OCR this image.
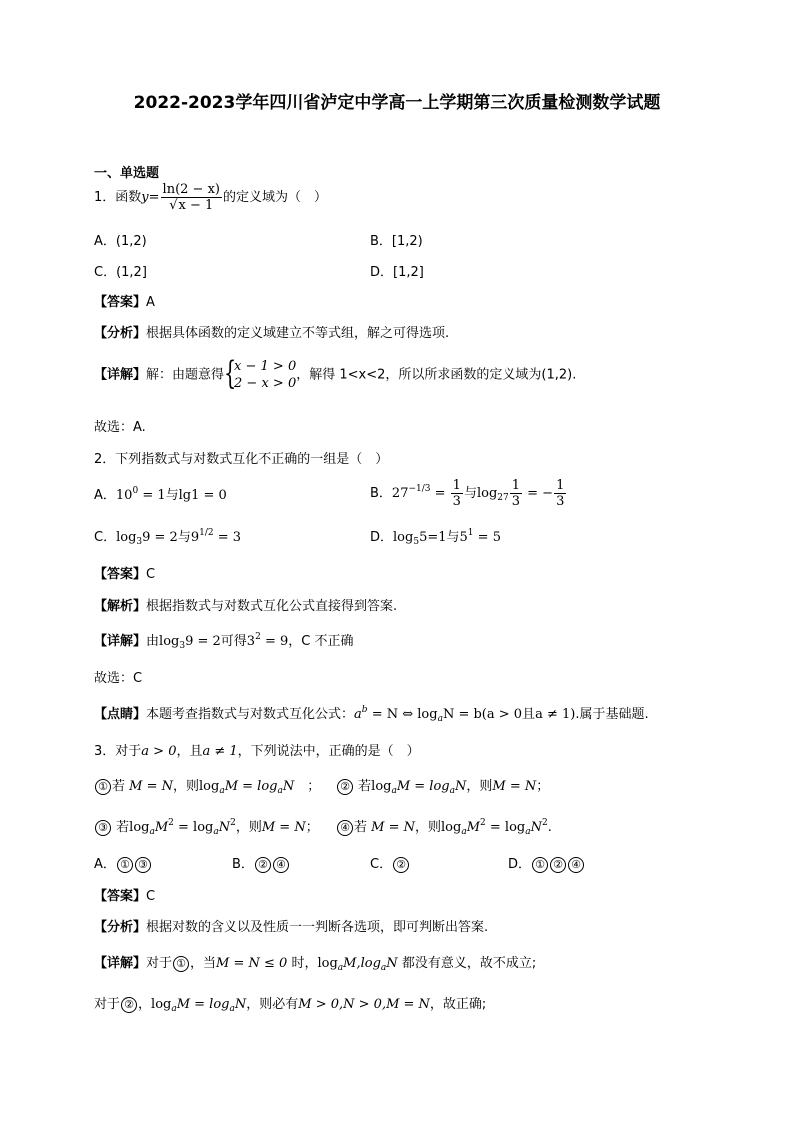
2022-2023学年四川省泸定中学高一上学期第三次质量检测数学试题
一、单选题
1．函数$y= \frac{\ln(2 - x)}{√x - 1}$ 的定义域为（　）
A．(1,2)	B．[1,2)
C．(1,2]	D．[1,2]
【答案】A
【分析】根据具体函数的定义域建立不等式组，解之可得选项.
【详解】解：由题意得 {
x − 1 > 0
2 − x > 0
，解得 1<x<2，所以所求函数的定义域为(1,2).
故选：A.
2．下列指数式与对数式互化不正确的一组是（　）
A．$10^0 = 1$与lg1 = 0	B．$27^{-1/3} = \frac{1}{3}$ 与$\log_{27} \frac{1}{3}$ = − $\frac{1}{3}$
C．$\log_39 = 2$与$9^{1/2} = 3$	D．$\log_55=1$与$5^1 = 5$
【答案】C
【解析】根据指数式与对数式互化公式直接得到答案.
【详解】由$\log_39 = 2$可得$3^2 = 9$，C 不正确
故选：C
【点睛】本题考查指数式与对数式互化公式：$a^b = N$ ⇔ $\log_aN = b(a > 0$且a ≠ 1).属于基础题.
3．对于a > 0，且a ≠ 1，下列说法中，正确的是（　）
① 若 M = N，则$\log_aM = \log_aN$　 ；	② 若$\log_aM = \log_aN$，则M = N；
③ 若$\log_aM^2 = \log_aN^2$，则M = N；	④ 若 M = N，则$\log_aM^2 = \log_aN^2$.
A． ① ③	B． ② ④	C． ②	D． ① ② ④
【答案】C
【分析】根据对数的含义以及性质一一判断各选项，即可判断出答案.
【详解】对于 ① ，当M = N ≤ 0 时，$\log_aM,\log_aN$ 都没有意义，故不成立;
对于 ② ，$\log_aM = \log_aN$，则必有M > 0,N > 0,M = N，故正确;
